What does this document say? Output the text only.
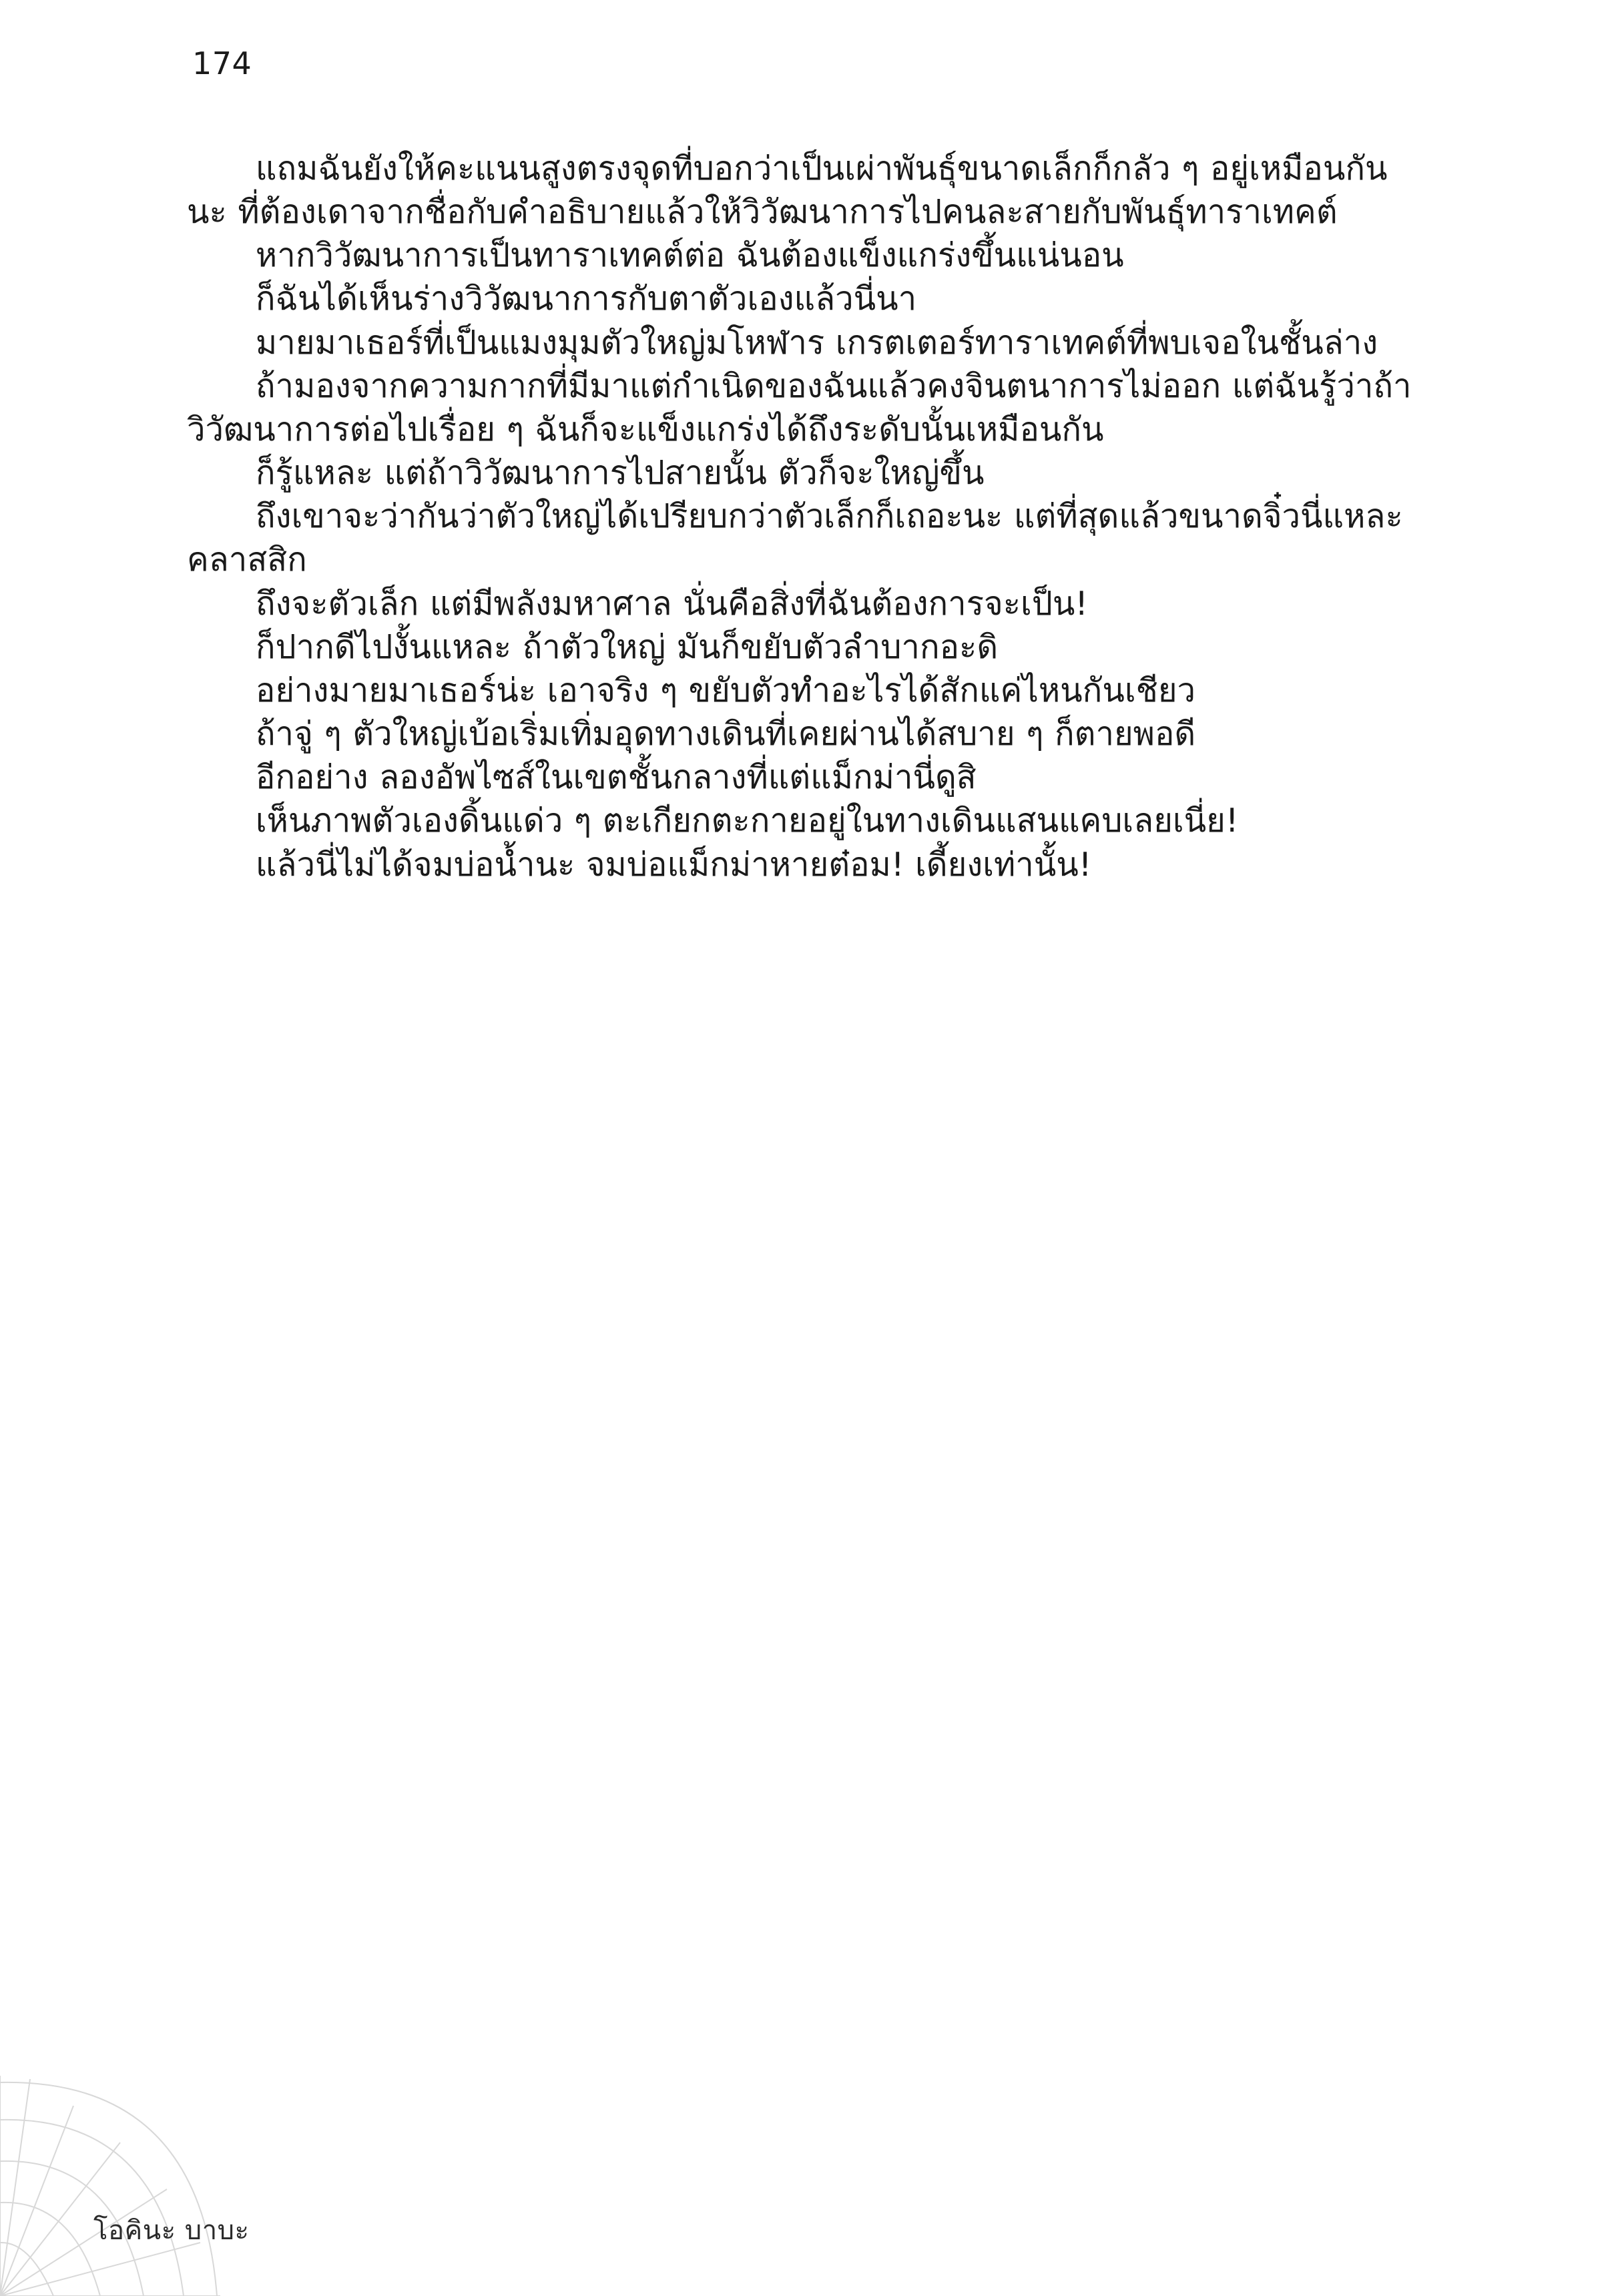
174

แถมฉันยังให้คะแนนสูงตรงจุดที่บอกว่าเป็นเผ่าพันธุ์ขนาดเล็กก็กลัว ๆ อยู่เหมือนกันนะ ที่ต้องเดาจากชื่อกับคำอธิบายแล้วให้วิวัฒนาการไปคนละสายกับพันธุ์ทาราเทคต์

หากวิวัฒนาการเป็นทาราเทคต์ต่อ ฉันต้องแข็งแกร่งขึ้นแน่นอน

ก็ฉันได้เห็นร่างวิวัฒนาการกับตาตัวเองแล้วนี่นา

มายมาเธอร์ที่เป็นแมงมุมตัวใหญ่มโหฬาร เกรตเตอร์ทาราเทคต์ที่พบเจอในชั้นล่าง

ถ้ามองจากความกากที่มีมาแต่กำเนิดของฉันแล้วคงจินตนาการไม่ออก แต่ฉันรู้ว่าถ้าวิวัฒนาการต่อไปเรื่อย ๆ ฉันก็จะแข็งแกร่งได้ถึงระดับนั้นเหมือนกัน

ก็รู้แหละ แต่ถ้าวิวัฒนาการไปสายนั้น ตัวก็จะใหญ่ขึ้น

ถึงเขาจะว่ากันว่าตัวใหญ่ได้เปรียบกว่าตัวเล็กก็เถอะนะ แต่ที่สุดแล้วขนาดจิ๋วนี่แหละคลาสสิก

ถึงจะตัวเล็ก แต่มีพลังมหาศาล นั่นคือสิ่งที่ฉันต้องการจะเป็น!

ก็ปากดีไปงั้นแหละ ถ้าตัวใหญ่ มันก็ขยับตัวลำบากอะดิ

อย่างมายมาเธอร์น่ะ เอาจริง ๆ ขยับตัวทำอะไรได้สักแค่ไหนกันเชียว

ถ้าจู่ ๆ ตัวใหญ่เบ้อเริ่มเทิ่มอุดทางเดินที่เคยผ่านได้สบาย ๆ ก็ตายพอดี

อีกอย่าง ลองอัพไซส์ในเขตชั้นกลางที่แต่แม็กม่านี่ดูสิ

เห็นภาพตัวเองดิ้นแด่ว ๆ ตะเกียกตะกายอยู่ในทางเดินแสนแคบเลยเนี่ย!

แล้วนี่ไม่ได้จมบ่อน้ำนะ จมบ่อแม็กม่าหายต๋อม! เดี้ยงเท่านั้น!

โอคินะ บาบะ
